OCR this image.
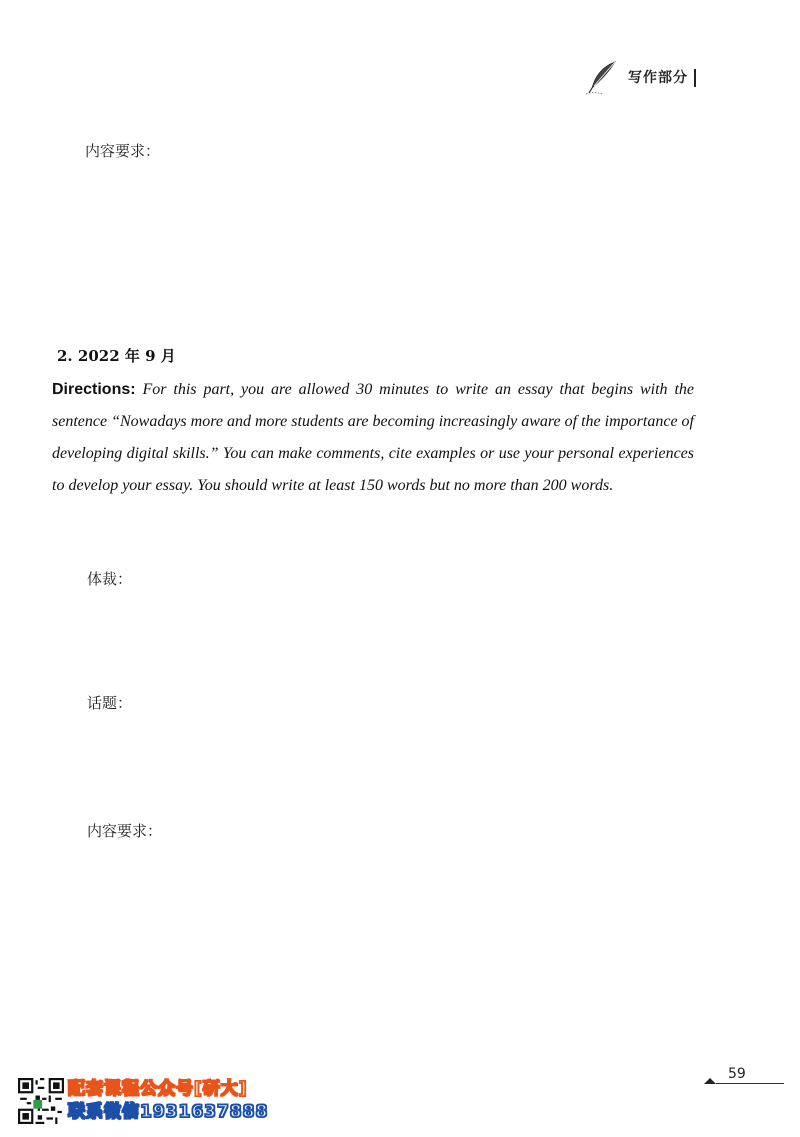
写作部分
内容要求：
2. 2022 年 9 月
Directions: For this part, you are allowed 30 minutes to write an essay that begins with the sentence “Nowadays more and more students are becoming increasingly aware of the importance of developing digital skills.” You can make comments, cite examples or use your personal experiences to develop your essay. You should write at least 150 words but no more than 200 words.
体裁：
话题：
内容要求：
59
配套课程公众号[研大]
联系微信1931637888
